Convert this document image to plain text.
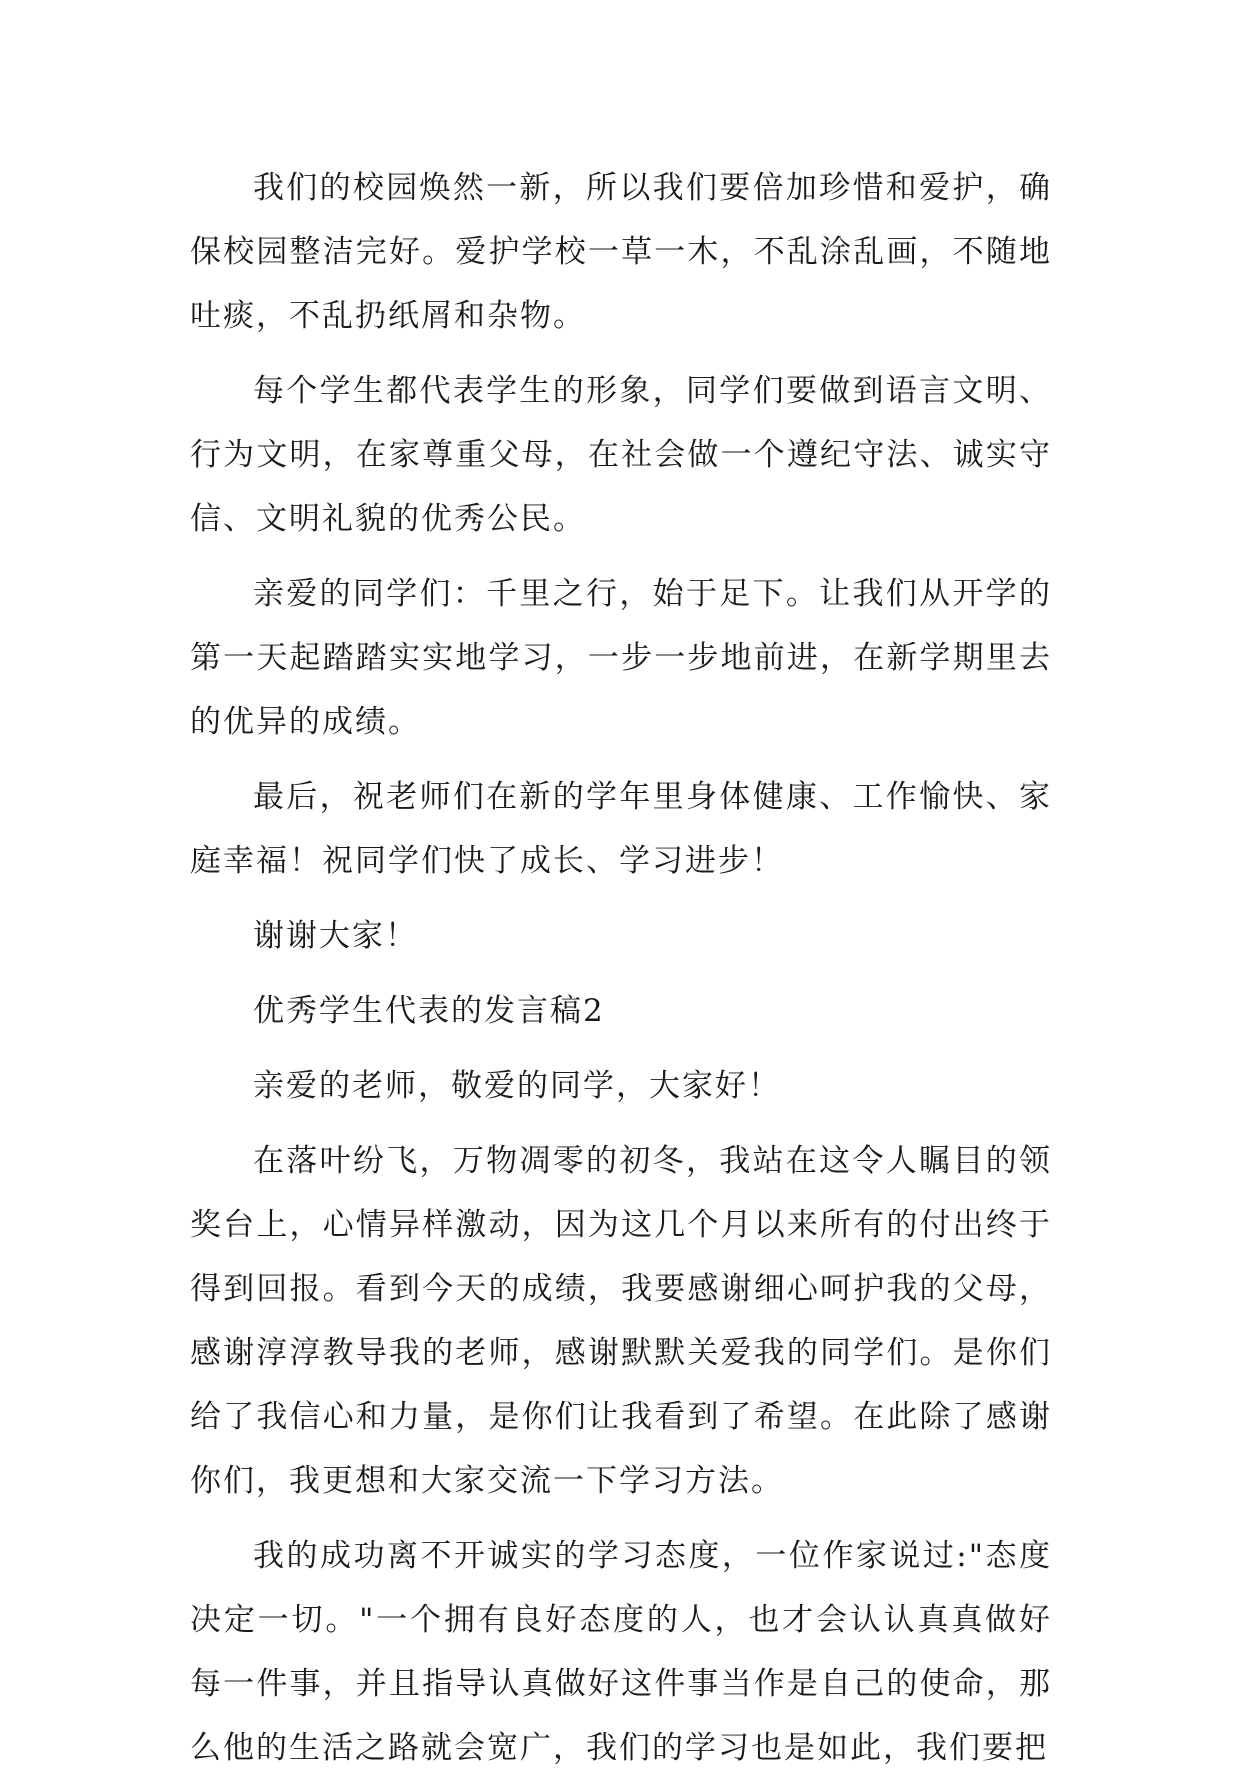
我们的校园焕然一新，所以我们要倍加珍惜和爱护，确保校园整洁完好。爱护学校一草一木，不乱涂乱画，不随地吐痰，不乱扔纸屑和杂物。

每个学生都代表学生的形象，同学们要做到语言文明、行为文明，在家尊重父母，在社会做一个遵纪守法、诚实守信、文明礼貌的优秀公民。

亲爱的同学们：千里之行，始于足下。让我们从开学的第一天起踏踏实实地学习，一步一步地前进，在新学期里去的优异的成绩。

最后，祝老师们在新的学年里身体健康、工作愉快、家庭幸福！祝同学们快了成长、学习进步！

谢谢大家！

优秀学生代表的发言稿2

亲爱的老师，敬爱的同学，大家好！

在落叶纷飞，万物凋零的初冬，我站在这令人瞩目的领奖台上，心情异样激动，因为这几个月以来所有的付出终于得到回报。看到今天的成绩，我要感谢细心呵护我的父母，感谢淳淳教导我的老师，感谢默默关爱我的同学们。是你们给了我信心和力量，是你们让我看到了希望。在此除了感谢你们，我更想和大家交流一下学习方法。

我的成功离不开诚实的学习态度，一位作家说过:"态度决定一切。"一个拥有良好态度的人，也才会认认真真做好每一件事，并且指导认真做好这件事当作是自己的使命，那么他的生活之路就会宽广，我们的学习也是如此，我们要把
